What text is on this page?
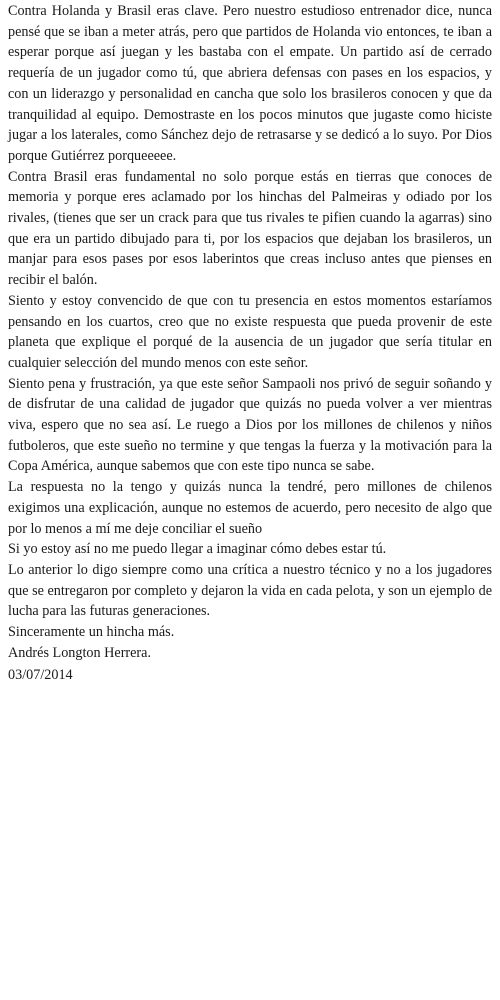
Contra Holanda y Brasil eras clave. Pero nuestro estudioso entrenador dice, nunca pensé que se iban a meter atrás, pero que partidos de Holanda vio entonces, te iban a esperar porque así juegan y les bastaba con el empate. Un partido así de cerrado requería de un jugador como tú, que abriera defensas con pases en los espacios, y con un liderazgo y personalidad en cancha que solo los brasileros conocen y que da tranquilidad al equipo. Demostraste en los pocos minutos que jugaste como hiciste jugar a los laterales, como Sánchez dejo de retrasarse y se dedicó a lo suyo. Por Dios porque Gutiérrez porqueeeee.

Contra Brasil eras fundamental no solo porque estás en tierras que conoces de memoria y porque eres aclamado por los hinchas del Palmeiras y odiado por los rivales, (tienes que ser un crack para que tus rivales te pifien cuando la agarras) sino que era un partido dibujado para ti, por los espacios que dejaban los brasileros, un manjar para esos pases por esos laberintos que creas incluso antes que pienses en recibir el balón.

Siento y estoy convencido de que con tu presencia en estos momentos estaríamos pensando en los cuartos, creo que no existe respuesta que pueda provenir de este planeta que explique el porqué de la ausencia de un jugador que sería titular en cualquier selección del mundo menos con este señor.

Siento pena y frustración, ya que este señor Sampaoli nos privó de seguir soñando y de disfrutar de una calidad de jugador que quizás no pueda volver a ver mientras viva, espero que no sea así. Le ruego a Dios por los millones de chilenos y niños futboleros, que este sueño no termine y que tengas la fuerza y la motivación para la Copa América, aunque sabemos que con este tipo nunca se sabe.

La respuesta no la tengo y quizás nunca la tendré, pero millones de chilenos exigimos una explicación, aunque no estemos de acuerdo, pero necesito de algo que por lo menos a mí me deje conciliar el sueño

Si yo estoy así no me puedo llegar a imaginar cómo debes estar tú.

Lo anterior lo digo siempre como una crítica a nuestro técnico y no a los jugadores que se entregaron por completo y dejaron la vida en cada pelota, y son un ejemplo de lucha para las futuras generaciones.

Sinceramente un hincha más.

Andrés Longton Herrera.

03/07/2014
